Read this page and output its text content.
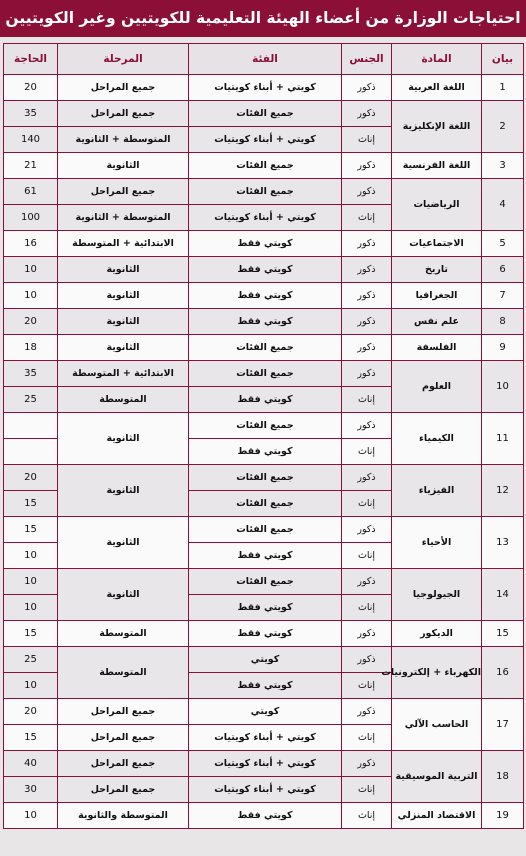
احتياجات الوزارة من أعضاء الهيئة التعليمية للكويتيين وغير الكويتيين
بيان	المادة	الجنس	الفئة	المرحلة	الحاجة
1	اللغة العربية	ذكور	كويتي + أبناء كويتيات	جميع المراحل	20
2	اللغة الإنكليزية	ذكور	جميع الفئات	جميع المراحل	35
		إناث	كويتي + أبناء كويتيات	المتوسطة + الثانوية	140
3	اللغة الفرنسية	ذكور	جميع الفئات	الثانوية	21
4	الرياضيات	ذكور	جميع الفئات	جميع المراحل	61
		إناث	كويتي + أبناء كويتيات	المتوسطة + الثانوية	100
5	الاجتماعيات	ذكور	كويتي فقط	الابتدائية + المتوسطة	16
6	تاريخ	ذكور	كويتي فقط	الثانوية	10
7	الجغرافيا	ذكور	كويتي فقط	الثانوية	10
8	علم نفس	ذكور	كويتي فقط	الثانوية	20
9	الفلسفة	ذكور	جميع الفئات	الثانوية	18
10	العلوم	ذكور	جميع الفئات	الابتدائية + المتوسطة	35
		إناث	كويتي فقط	المتوسطة	25
11	الكيمياء	ذكور	جميع الفئات	الثانوية	
		إناث	كويتي فقط		
12	الفيزياء	ذكور	جميع الفئات	الثانوية	20
		إناث	جميع الفئات		15
13	الأحياء	ذكور	جميع الفئات	الثانوية	15
		إناث	كويتي فقط		10
14	الجيولوجيا	ذكور	جميع الفئات	الثانوية	10
		إناث	كويتي فقط		10
15	الديكور	ذكور	كويتي فقط	المتوسطة	15
16	الكهرباء + إلكترونيات	ذكور	كويتي	المتوسطة	25
		إناث	كويتي فقط		10
17	الحاسب الآلي	ذكور	كويتي	جميع المراحل	20
		إناث	كويتي + أبناء كويتيات	جميع المراحل	15
18	التربية الموسيقية	ذكور	كويتي + أبناء كويتيات	جميع المراحل	40
		إناث	كويتي + أبناء كويتيات	جميع المراحل	30
19	الاقتصاد المنزلي	إناث	كويتي فقط	المتوسطة والثانوية	10
